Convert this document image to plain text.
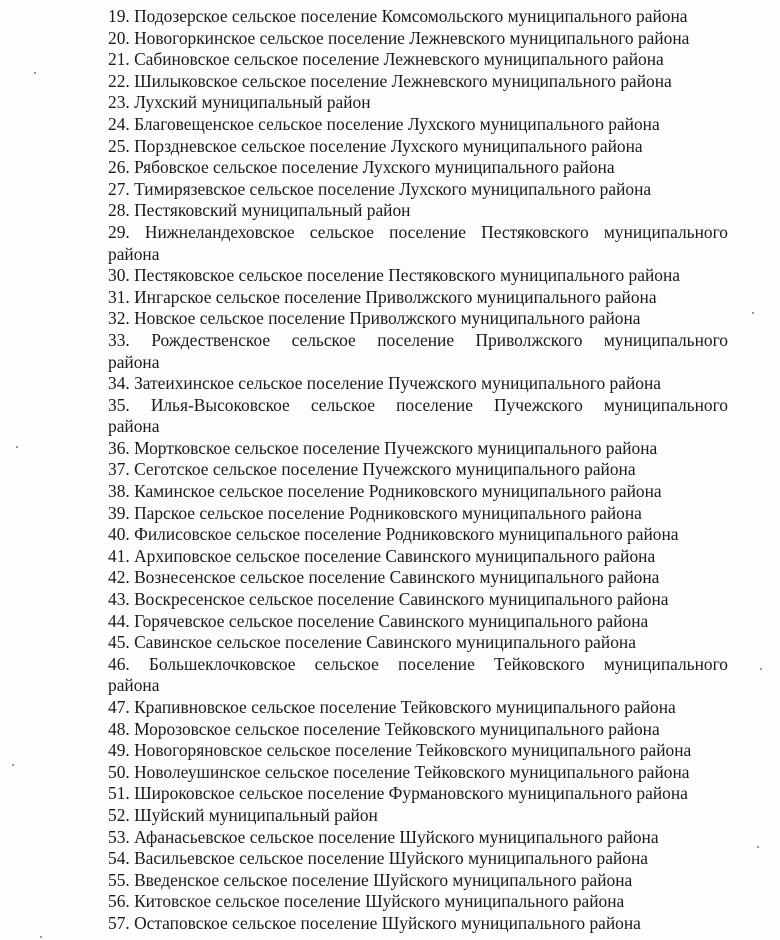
19. Подозерское сельское поселение Комсомольского муниципального района
20. Новогоркинское сельское поселение Лежневского муниципального района
21. Сабиновское сельское поселение Лежневского муниципального района
22. Шилыковское сельское поселение Лежневского муниципального района
23. Лухский муниципальный район
24. Благовещенское сельское поселение Лухского муниципального района
25. Порздневское сельское поселение Лухского муниципального района
26. Рябовское сельское поселение Лухского муниципального района
27. Тимирязевское сельское поселение Лухского муниципального района
28. Пестяковский муниципальный район
29. Нижнеландеховское сельское поселение Пестяковского муниципального
района
30. Пестяковское сельское поселение Пестяковского муниципального района
31. Ингарское сельское поселение Приволжского муниципального района
32. Новское сельское поселение Приволжского муниципального района
33. Рождественское сельское поселение Приволжского муниципального
района
34. Затеихинское сельское поселение Пучежского муниципального района
35. Илья-Высоковское сельское поселение Пучежского муниципального
района
36. Мортковское сельское поселение Пучежского муниципального района
37. Сеготское сельское поселение Пучежского муниципального района
38. Каминское сельское поселение Родниковского муниципального района
39. Парское сельское поселение Родниковского муниципального района
40. Филисовское сельское поселение Родниковского муниципального района
41. Архиповское сельское поселение Савинского муниципального района
42. Вознесенское сельское поселение Савинского муниципального района
43. Воскресенское сельское поселение Савинского муниципального района
44. Горячевское сельское поселение Савинского муниципального района
45. Савинское сельское поселение Савинского муниципального района
46. Большеклочковское сельское поселение Тейковского муниципального
района
47. Крапивновское сельское поселение Тейковского муниципального района
48. Морозовское сельское поселение Тейковского муниципального района
49. Новогоряновское сельское поселение Тейковского муниципального района
50. Новолеушинское сельское поселение Тейковского муниципального района
51. Широковское сельское поселение Фурмановского муниципального района
52. Шуйский муниципальный район
53. Афанасьевское сельское поселение Шуйского муниципального района
54. Васильевское сельское поселение Шуйского муниципального района
55. Введенское сельское поселение Шуйского муниципального района
56. Китовское сельское поселение Шуйского муниципального района
57. Остаповское сельское поселение Шуйского муниципального района
